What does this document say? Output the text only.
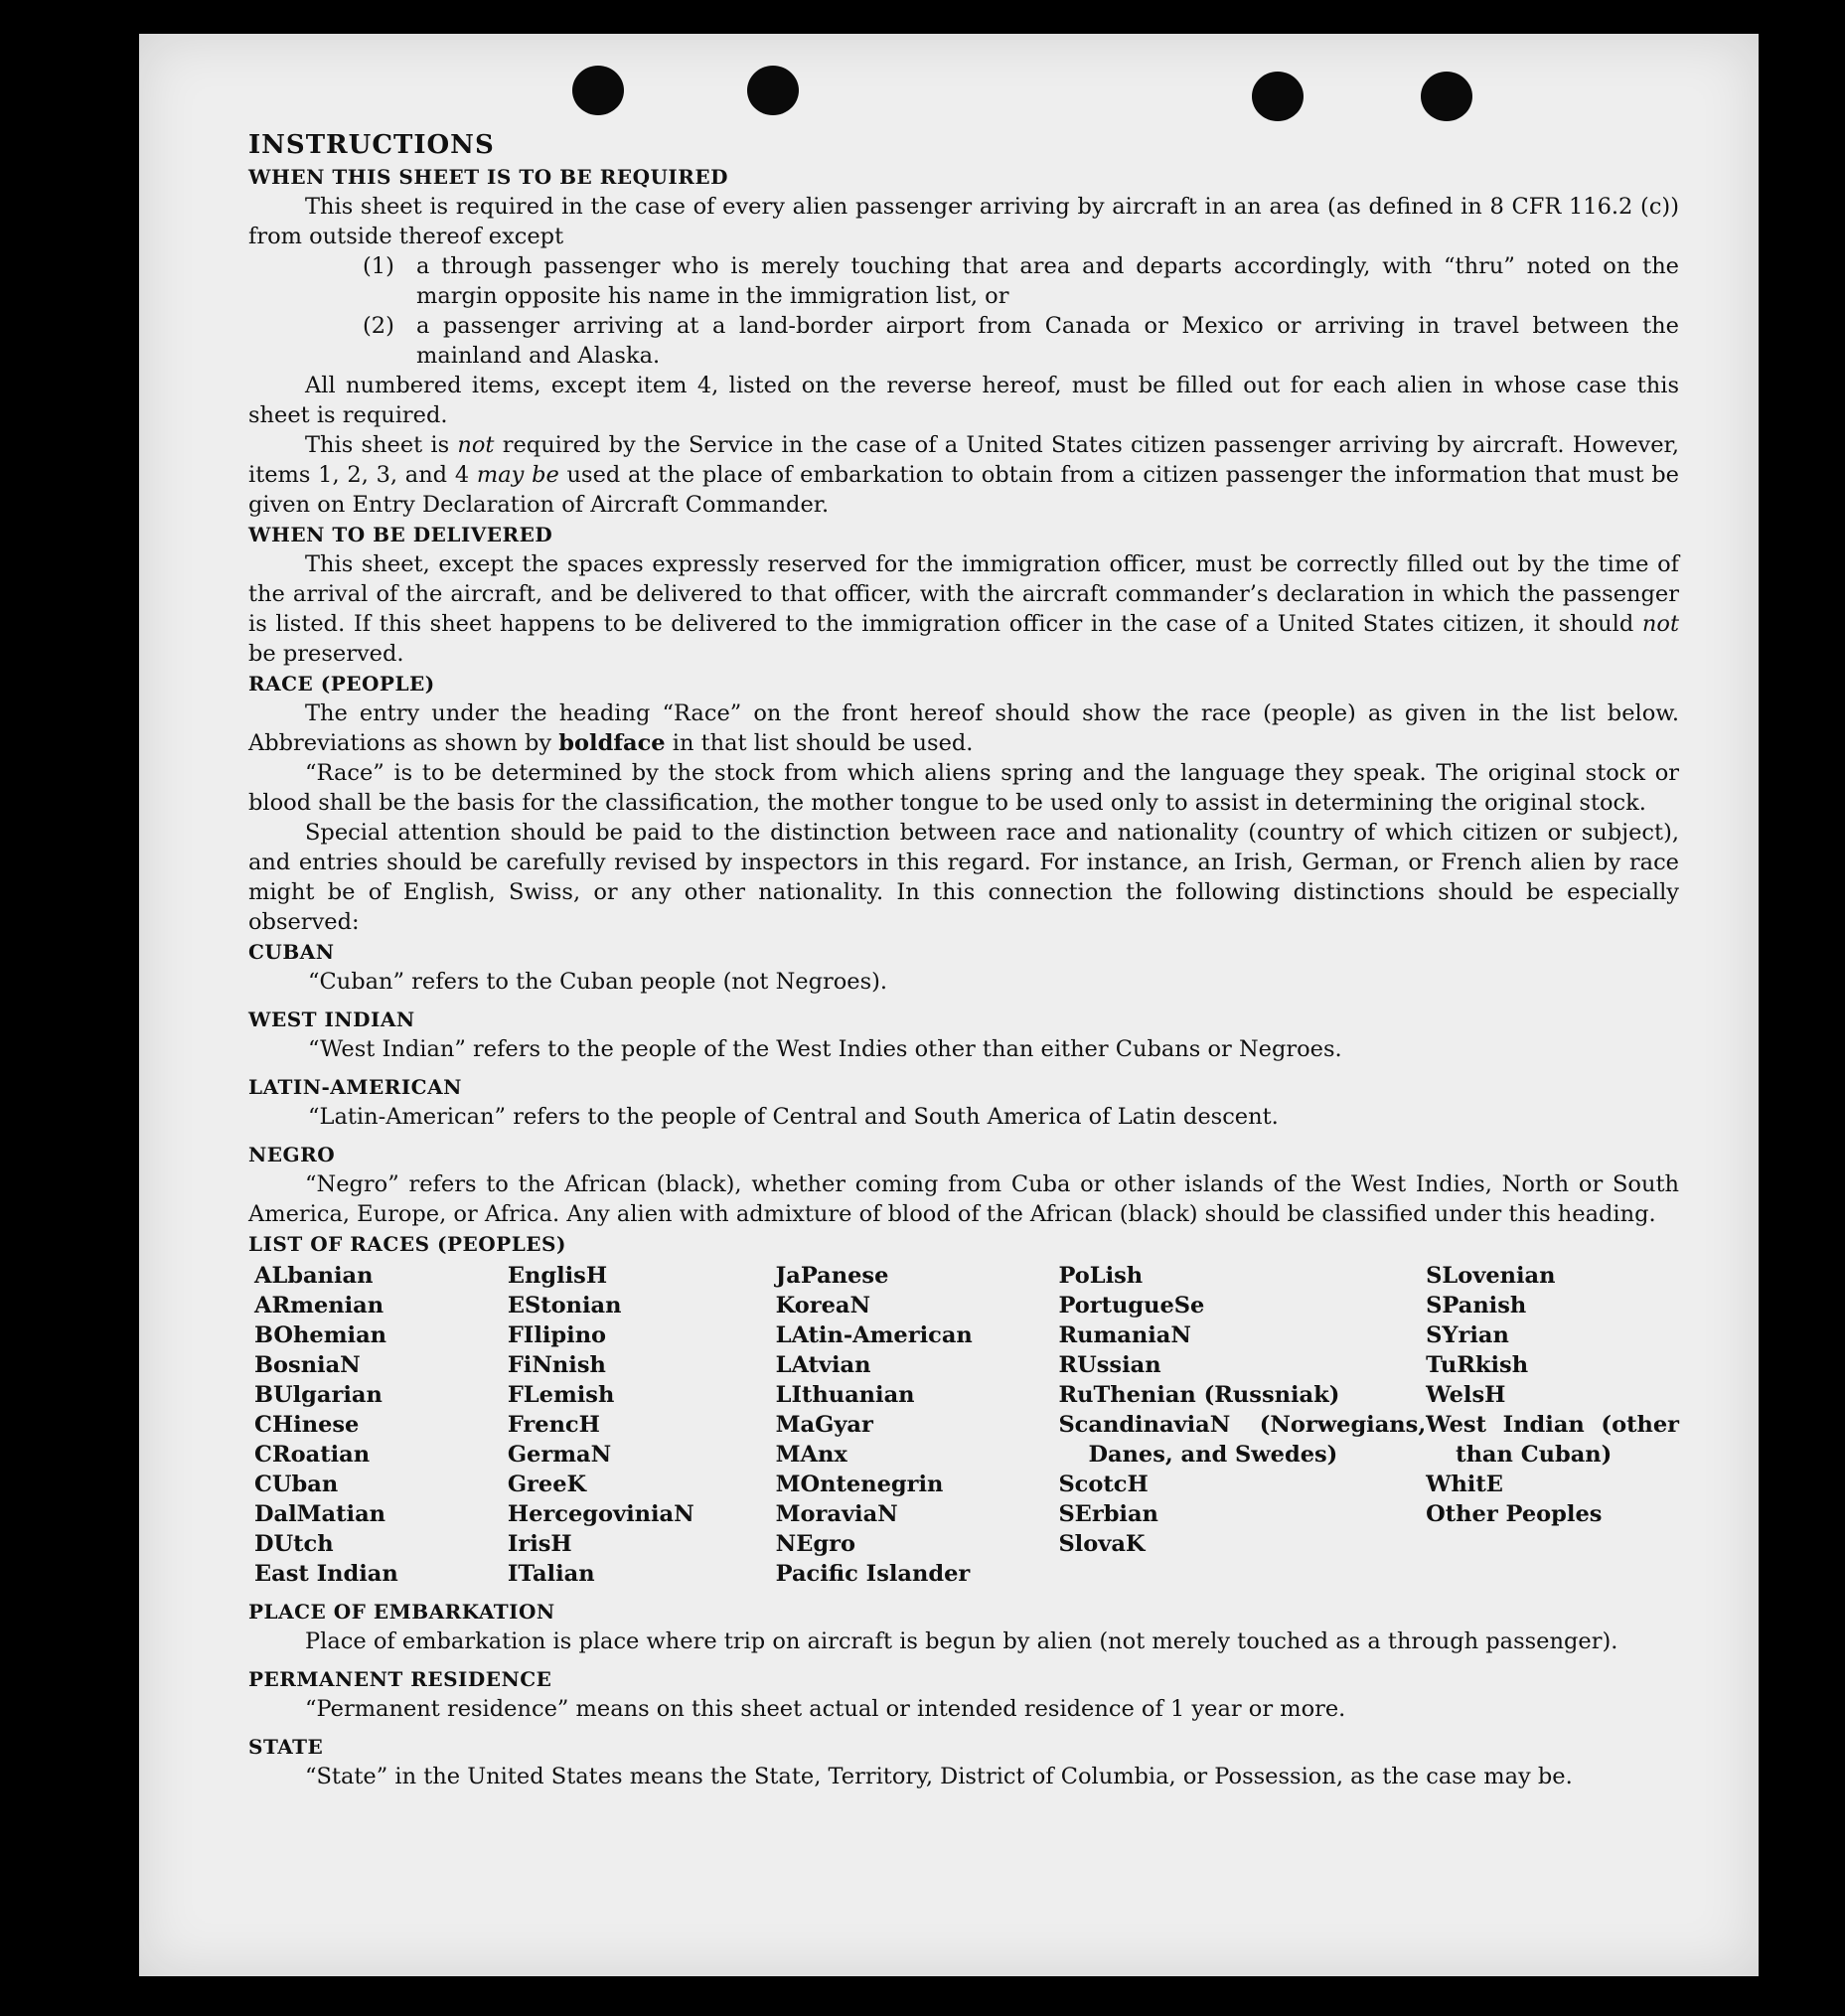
INSTRUCTIONS

WHEN THIS SHEET IS TO BE REQUIRED

This sheet is required in the case of every alien passenger arriving by aircraft in an area (as defined in 8 CFR 116.2 (c)) from outside thereof except

(1) a through passenger who is merely touching that area and departs accordingly, with “thru” noted on the margin opposite his name in the immigration list, or
(2) a passenger arriving at a land-border airport from Canada or Mexico or arriving in travel between the mainland and Alaska.

All numbered items, except item 4, listed on the reverse hereof, must be filled out for each alien in whose case this sheet is required.

This sheet is not required by the Service in the case of a United States citizen passenger arriving by aircraft. However, items 1, 2, 3, and 4 may be used at the place of embarkation to obtain from a citizen passenger the information that must be given on Entry Declaration of Aircraft Commander.

WHEN TO BE DELIVERED

This sheet, except the spaces expressly reserved for the immigration officer, must be correctly filled out by the time of the arrival of the aircraft, and be delivered to that officer, with the aircraft commander’s declaration in which the passenger is listed. If this sheet happens to be delivered to the immigration officer in the case of a United States citizen, it should not be preserved.

RACE (PEOPLE)

The entry under the heading “Race” on the front hereof should show the race (people) as given in the list below. Abbreviations as shown by boldface in that list should be used.

“Race” is to be determined by the stock from which aliens spring and the language they speak. The original stock or blood shall be the basis for the classification, the mother tongue to be used only to assist in determining the original stock.

Special attention should be paid to the distinction between race and nationality (country of which citizen or subject), and entries should be carefully revised by inspectors in this regard. For instance, an Irish, German, or French alien by race might be of English, Swiss, or any other nationality. In this connection the following distinctions should be especially observed:

CUBAN

“Cuban” refers to the Cuban people (not Negroes).

WEST INDIAN

“West Indian” refers to the people of the West Indies other than either Cubans or Negroes.

LATIN-AMERICAN

“Latin-American” refers to the people of Central and South America of Latin descent.

NEGRO

“Negro” refers to the African (black), whether coming from Cuba or other islands of the West Indies, North or South America, Europe, or Africa. Any alien with admixture of blood of the African (black) should be classified under this heading.

LIST OF RACES (PEOPLES)

ALbanian
ARmenian
BOhemian
BosniaN
BUlgarian
CHinese
CRoatian
CUban
DalMatian
DUtch
East Indian
EnglisH
EStonian
FIlipino
FiNnish
FLemish
FrencH
GermaN
GreeK
HercegoviniaN
IrisH
ITalian
JaPanese
KoreaN
LAtin-American
LAtvian
LIthuanian
MaGyar
MAnx
MOntenegrin
MoraviaN
NEgro
Pacific Islander
PoLish
PortugueSe
RumaniaN
RUssian
RuThenian (Russniak)
ScandinaviaN (Norwegians, Danes, and Swedes)
ScotcH
SErbian
SlovaK
SLovenian
SPanish
SYrian
TuRkish
WelsH
West Indian (other than Cuban)
WhitE
Other Peoples

PLACE OF EMBARKATION

Place of embarkation is place where trip on aircraft is begun by alien (not merely touched as a through passenger).

PERMANENT RESIDENCE

“Permanent residence” means on this sheet actual or intended residence of 1 year or more.

STATE

“State” in the United States means the State, Territory, District of Columbia, or Possession, as the case may be.
